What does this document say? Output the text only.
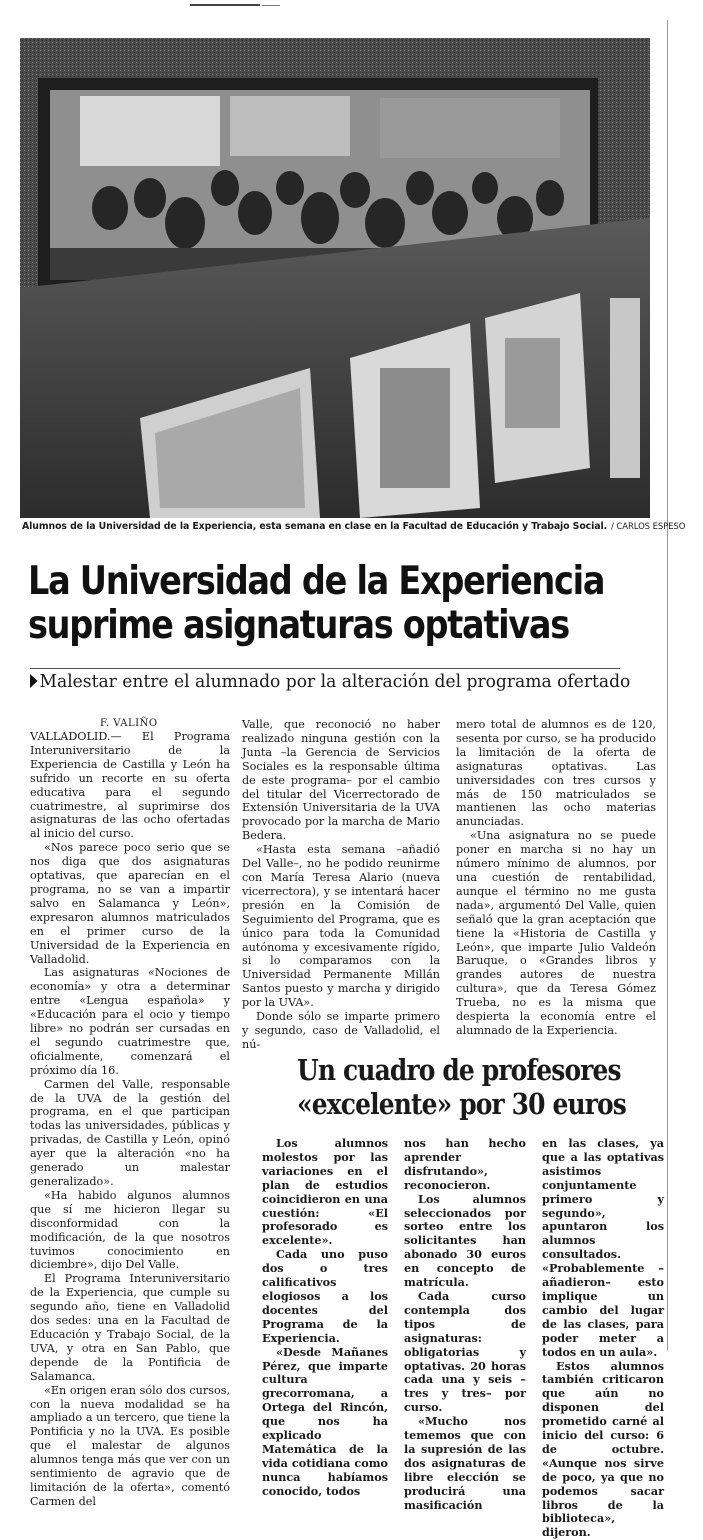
Alumnos de la Universidad de la Experiencia, esta semana en clase en la Facultad de Educación y Trabajo Social. / CARLOS ESPESO
La Universidad de la Experiencia
suprime asignaturas optativas
Malestar entre el alumnado por la alteración del programa ofertado
F. VALIÑO

VALLADOLID.— El Programa Interuniversitario de la Experiencia de Castilla y León ha sufrido un recorte en su oferta educativa para el segundo cuatrimestre, al suprimirse dos asignaturas de las ocho ofertadas al inicio del curso.

«Nos parece poco serio que se nos diga que dos asignaturas optativas, que aparecían en el programa, no se van a impartir salvo en Salamanca y León», expresaron alumnos matriculados en el primer curso de la Universidad de la Experiencia en Valladolid.

Las asignaturas «Nociones de economía» y otra a determinar entre «Lengua española» y «Educación para el ocio y tiempo libre» no podrán ser cursadas en el segundo cuatrimestre que, oficialmente, comenzará el próximo día 16.

Carmen del Valle, responsable de la UVA de la gestión del programa, en el que participan todas las universidades, públicas y privadas, de Castilla y León, opinó ayer que la alteración «no ha generado un malestar generalizado».

«Ha habido algunos alumnos que sí me hicieron llegar su disconformidad con la modificación, de la que nosotros tuvimos conocimiento en diciembre», dijo Del Valle.

El Programa Interuniversitario de la Experiencia, que cumple su segundo año, tiene en Valladolid dos sedes: una en la Facultad de Educación y Trabajo Social, de la UVA, y otra en San Pablo, que depende de la Pontificia de Salamanca.

«En origen eran sólo dos cursos, con la nueva modalidad se ha ampliado a un tercero, que tiene la Pontificia y no la UVA. Es posible que el malestar de algunos alumnos tenga más que ver con un sentimiento de agravio que de limitación de la oferta», comentó Carmen del

Valle, que reconoció no haber realizado ninguna gestión con la Junta –la Gerencia de Servicios Sociales es la responsable última de este programa– por el cambio del titular del Vicerrectorado de Extensión Universitaria de la UVA provocado por la marcha de Mario Bedera.

«Hasta esta semana –añadió Del Valle–, no he podido reunirme con María Teresa Alario (nueva vicerrectora), y se intentará hacer presión en la Comisión de Seguimiento del Programa, que es único para toda la Comunidad autónoma y excesivamente rígido, si lo comparamos con la Universidad Permanente Millán Santos puesto y marcha y dirigido por la UVA».

Donde sólo se imparte primero y segundo, caso de Valladolid, el nú-

mero total de alumnos es de 120, sesenta por curso, se ha producido la limitación de la oferta de asignaturas optativas. Las universidades con tres cursos y más de 150 matriculados se mantienen las ocho materias anunciadas.

«Una asignatura no se puede poner en marcha si no hay un número mínimo de alumnos, por una cuestión de rentabilidad, aunque el término no me gusta nada», argumentó Del Valle, quien señaló que la gran aceptación que tiene la «Historia de Castilla y León», que imparte Julio Valdeón Baruque, o «Grandes libros y grandes autores de nuestra cultura», que da Teresa Gómez Trueba, no es la misma que despierta la economía entre el alumnado de la Experiencia.

Un cuadro de profesores
«excelente» por 30 euros

Los alumnos molestos por las variaciones en el plan de estudios coincidieron en una cuestión: «El profesorado es excelente».

Cada uno puso dos o tres calificativos elogiosos a los docentes del Programa de la Experiencia.

«Desde Mañanes Pérez, que imparte cultura grecorromana, a Ortega del Rincón, que nos ha explicado Matemática de la vida cotidiana como nunca habíamos conocido, todos

nos han hecho aprender disfrutando», reconocieron.

Los alumnos seleccionados por sorteo entre los solicitantes han abonado 30 euros en concepto de matrícula.

Cada curso contempla dos tipos de asignaturas: obligatorias y optativas. 20 horas cada una y seis –tres y tres– por curso.

«Mucho nos tememos que con la supresión de las dos asignaturas de libre elección se producirá una masificación

en las clases, ya que a las optativas asistimos conjuntamente primero y segundo», apuntaron los alumnos consultados. «Probablemente –añadieron– esto implique un cambio del lugar de las clases, para poder meter a todos en un aula».

Estos alumnos también criticaron que aún no disponen del prometido carné al inicio del curso: 6 de octubre. «Aunque nos sirve de poco, ya que no podemos sacar libros de la biblioteca», dijeron.
